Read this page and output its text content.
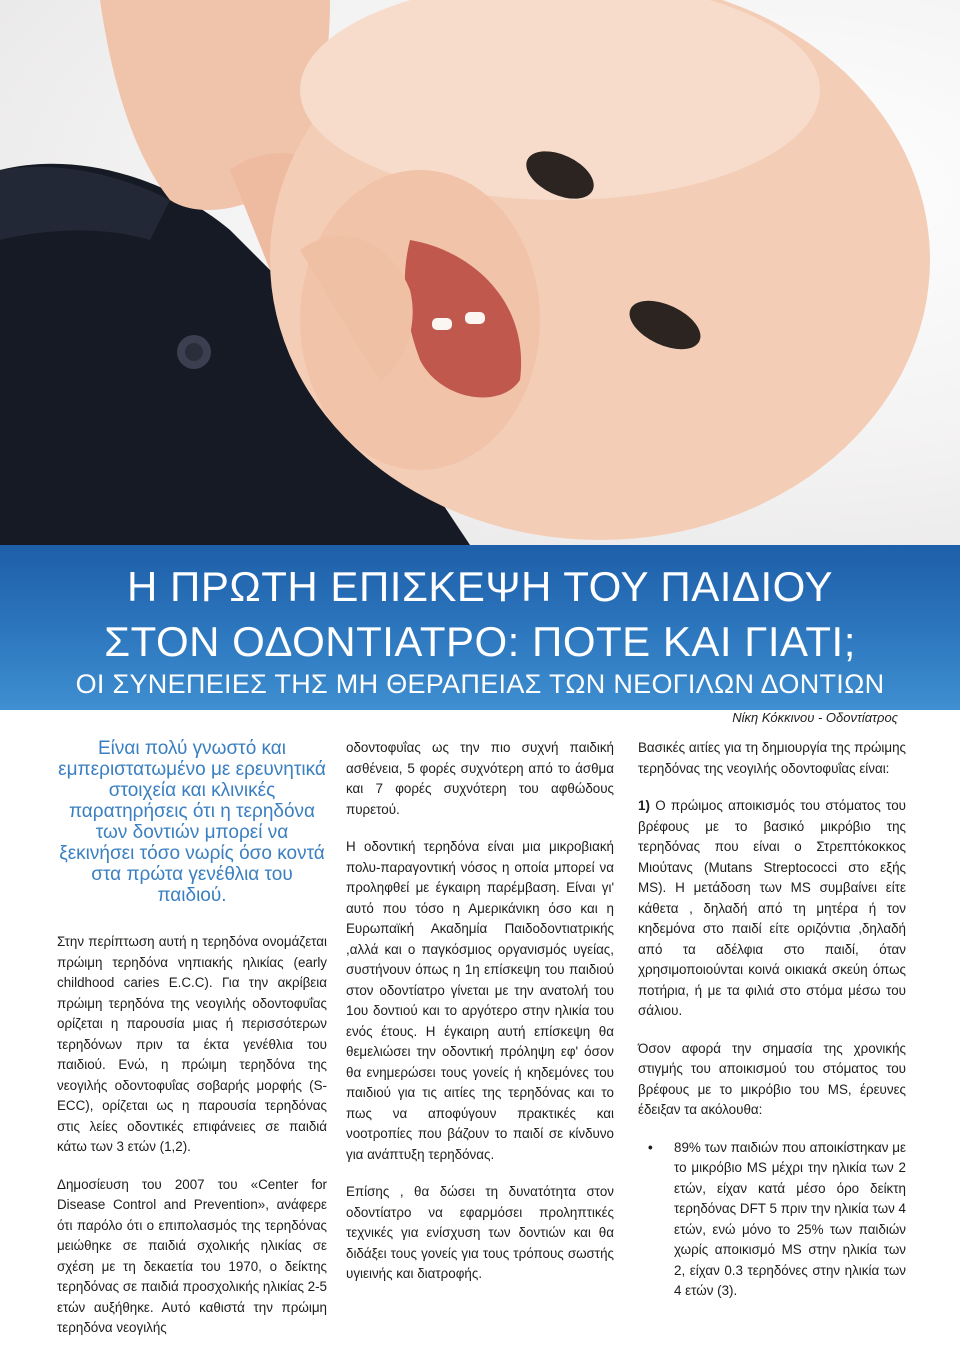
Η ΠΡΩΤΗ ΕΠΙΣΚΕΨΗ ΤΟΥ ΠΑΙΔΙΟΥ
ΣΤΟΝ ΟΔΟΝΤΙΑΤΡΟ: ΠΟΤΕ ΚΑΙ ΓΙΑΤΙ;
ΟΙ ΣΥΝΕΠΕΙΕΣ ΤΗΣ ΜΗ ΘΕΡΑΠΕΙΑΣ ΤΩΝ ΝΕΟΓΙΛΩΝ ΔΟΝΤΙΩΝ
Νίκη Κόκκινου - Οδοντίατρος

Είναι πολύ γνωστό και εμπεριστατωμένο με ερευνητικά στοιχεία και κλινικές παρατηρήσεις ότι η τερηδόνα των δοντιών μπορεί να ξεκινήσει τόσο νωρίς όσο κοντά στα πρώτα γενέθλια του παιδιού.

Στην περίπτωση αυτή η τερηδόνα ονομάζεται πρώιμη τερηδόνα νηπιακής ηλικίας (early childhood caries E.C.C). Για την ακρίβεια πρώιμη τερηδόνα της νεογιλής οδοντοφυΐας ορίζεται η παρουσία μιας ή περισσότερων τερηδόνων πριν τα έκτα γενέθλια του παιδιού. Ενώ, η πρώιμη τερηδόνα της νεογιλής οδοντοφυΐας σοβαρής μορφής (S-ECC), ορίζεται ως η παρουσία τερηδόνας στις λείες οδοντικές επιφάνειες σε παιδιά κάτω των 3 ετών (1,2).

Δημοσίευση του 2007 του «Center for Disease Control and Prevention», ανάφερε ότι παρόλο ότι ο επιπολασμός της τερηδόνας μειώθηκε σε παιδιά σχολικής ηλικίας σε σχέση με τη δεκαετία του 1970, ο δείκτης τερηδόνας σε παιδιά προσχολικής ηλικίας 2-5 ετών αυξήθηκε. Αυτό καθιστά την πρώιμη τερηδόνα νεογιλής

οδοντοφυΐας ως την πιο συχνή παιδική ασθένεια, 5 φορές συχνότερη από το άσθμα και 7 φορές συχνότερη του αφθώδους πυρετού.

Η οδοντική τερηδόνα είναι μια μικροβιακή πολυ-παραγοντική νόσος η οποία μπορεί να προληφθεί με έγκαιρη παρέμβαση. Είναι γι' αυτό που τόσο η Αμερικάνικη όσο και η Ευρωπαϊκή Ακαδημία Παιδοδοντιατρικής ,αλλά και ο παγκόσμιος οργανισμός υγείας, συστήνουν όπως η 1η επίσκεψη του παιδιού στον οδοντίατρο γίνεται με την ανατολή του 1ου δοντιού και το αργότερο στην ηλικία του ενός έτους. Η έγκαιρη αυτή επίσκεψη θα θεμελιώσει την οδοντική πρόληψη εφ' όσον θα ενημερώσει τους γονείς ή κηδεμόνες του παιδιού για τις αιτίες της τερηδόνας και το πως να αποφύγουν πρακτικές και νοοτροπίες που βάζουν το παιδί σε κίνδυνο για ανάπτυξη τερηδόνας.

Επίσης , θα δώσει τη δυνατότητα στον οδοντίατρο να εφαρμόσει προληπτικές τεχνικές για ενίσχυση των δοντιών και θα διδάξει τους γονείς για τους τρόπους σωστής υγιεινής και διατροφής.

Βασικές αιτίες για τη δημιουργία της πρώιμης τερηδόνας της νεογιλής οδοντοφυΐας είναι:

1) Ο πρώιμος αποικισμός του στόματος του βρέφους με το βασικό μικρόβιο της τερηδόνας που είναι ο Στρεπτόκοκκος Μιούτανς (Mutans Streptococci στο εξής MS). Η μετάδοση των MS συμβαίνει είτε κάθετα , δηλαδή από τη μητέρα ή τον κηδεμόνα στο παιδί είτε οριζόντια ,δηλαδή από τα αδέλφια στο παιδί, όταν χρησιμοποιούνται κοινά οικιακά σκεύη όπως ποτήρια, ή με τα φιλιά στο στόμα μέσω του σάλιου.

Όσον αφορά την σημασία της χρονικής στιγμής του αποικισμού του στόματος του βρέφους με το μικρόβιο του MS, έρευνες έδειξαν τα ακόλουθα:

•	89% των παιδιών που αποικίστηκαν με το μικρόβιο MS μέχρι την ηλικία των 2 ετών, είχαν κατά μέσο όρο δείκτη τερηδόνας DFT 5 πριν την ηλικία των 4 ετών, ενώ μόνο το 25% των παιδιών χωρίς αποικισμό MS στην ηλικία των 2, είχαν 0.3 τερηδόνες στην ηλικία των 4 ετών (3).
